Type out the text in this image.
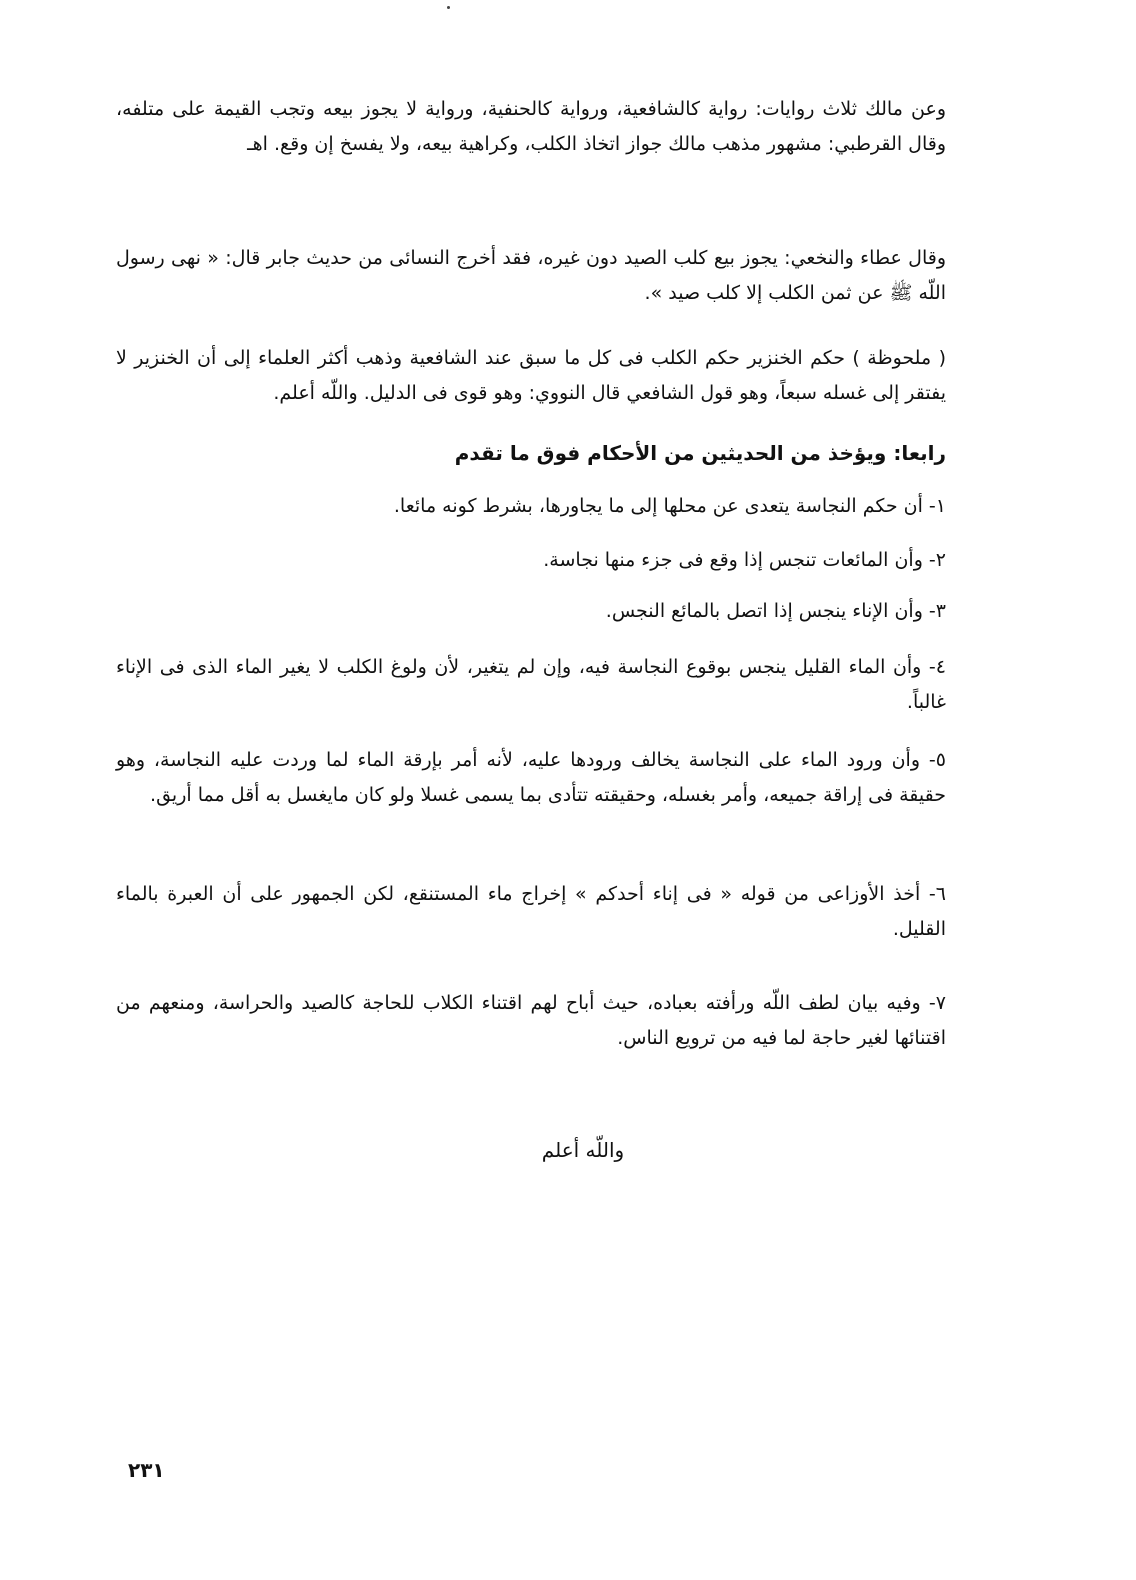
وعن مالك ثلاث روايات: رواية كالشافعية، ورواية كالحنفية، ورواية لا يجوز بيعه وتجب القيمة على متلفه، وقال القرطبي: مشهور مذهب مالك جواز اتخاذ الكلب، وكراهية بيعه، ولا يفسخ إن وقع. اهـ

وقال عطاء والنخعي: يجوز بيع كلب الصيد دون غيره، فقد أخرج النسائى من حديث جابر قال: « نهى رسول اللّه ﷺ عن ثمن الكلب إلا كلب صيد ».

( ملحوظة ) حكم الخنزير حكم الكلب فى كل ما سبق عند الشافعية وذهب أكثر العلماء إلى أن الخنزير لا يفتقر إلى غسله سبعاً، وهو قول الشافعي قال النووي: وهو قوى فى الدليل. واللّه أعلم.

رابعا: ويؤخذ من الحديثين من الأحكام فوق ما تقدم

١- أن حكم النجاسة يتعدى عن محلها إلى ما يجاورها، بشرط كونه مائعا.

٢- وأن المائعات تنجس إذا وقع فى جزء منها نجاسة.

٣- وأن الإناء ينجس إذا اتصل بالمائع النجس.

٤- وأن الماء القليل ينجس بوقوع النجاسة فيه، وإن لم يتغير، لأن ولوغ الكلب لا يغير الماء الذى فى الإناء غالباً.

٥- وأن ورود الماء على النجاسة يخالف ورودها عليه، لأنه أمر بإرقة الماء لما وردت عليه النجاسة، وهو حقيقة فى إراقة جميعه، وأمر بغسله، وحقيقته تتأدى بما يسمى غسلا ولو كان مايغسل به أقل مما أريق.

٦- أخذ الأوزاعى من قوله « فى إناء أحدكم » إخراج ماء المستنقع، لكن الجمهور على أن العبرة بالماء القليل.

٧- وفيه بيان لطف اللّه ورأفته بعباده، حيث أباح لهم اقتناء الكلاب للحاجة كالصيد والحراسة، ومنعهم من اقتنائها لغير حاجة لما فيه من ترويع الناس.

واللّه أعلم
٢٣١
